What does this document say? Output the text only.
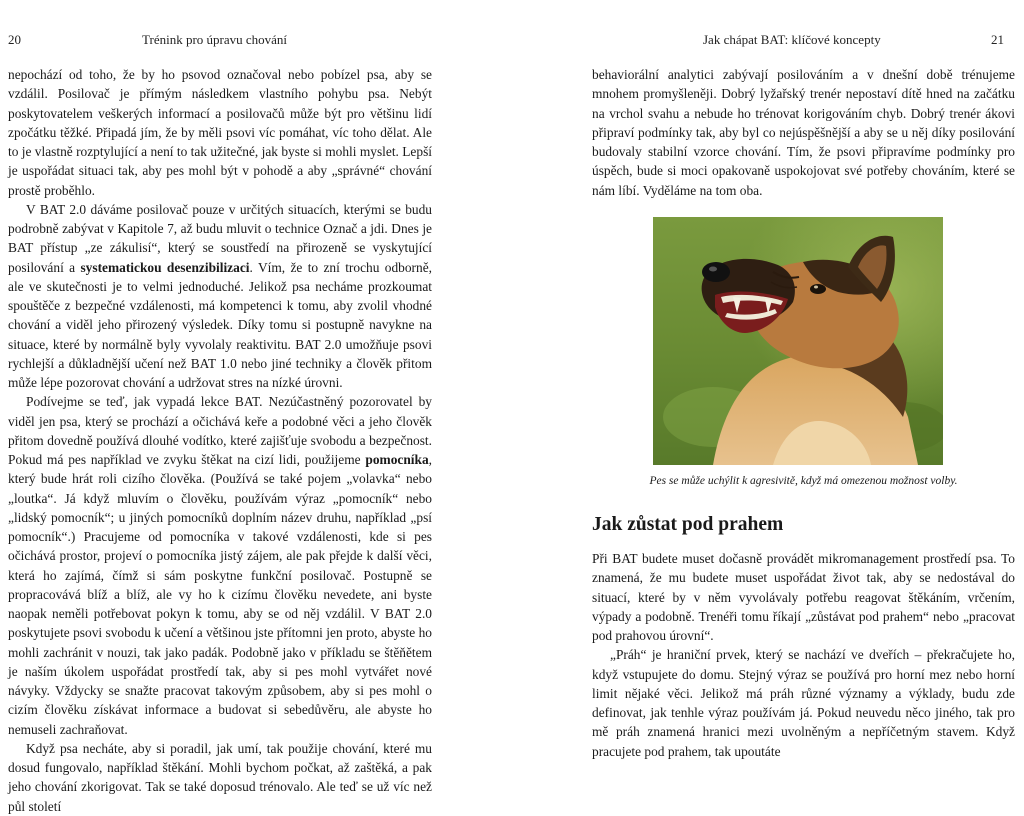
20	Trénink pro úpravu chování

nepochází od toho, že by ho psovod označoval nebo pobízel psa, aby se vzdálil. Posilovač je přímým následkem vlastního pohybu psa. Nebýt poskytovatelem veškerých informací a posilovačů může být pro většinu lidí zpočátku těžké. Připadá jím, že by měli psovi víc pomáhat, víc toho dělat. Ale to je vlastně rozptylující a není to tak užitečné, jak byste si mohli myslet. Lepší je uspořádat situaci tak, aby pes mohl být v pohodě a aby „správné“ chování prostě proběhlo.

V BAT 2.0 dáváme posilovač pouze v určitých situacích, kterými se budu podrobně zabývat v Kapitole 7, až budu mluvit o technice Označ a jdi. Dnes je BAT přístup „ze zákulisí“, který se soustředí na přirozeně se vyskytující posilování a systematickou desenzibilizaci. Vím, že to zní trochu odborně, ale ve skutečnosti je to velmi jednoduché. Jelikož psa necháme prozkoumat spouštěče z bezpečné vzdálenosti, má kompetenci k tomu, aby zvolil vhodné chování a viděl jeho přirozený výsledek. Díky tomu si postupně navykne na situace, které by normálně byly vyvolaly reaktivitu. BAT 2.0 umožňuje psovi rychlejší a důkladnější učení než BAT 1.0 nebo jiné techniky a člověk přitom může lépe pozorovat chování a udržovat stres na nízké úrovni.

Podívejme se teď, jak vypadá lekce BAT. Nezúčastněný pozorovatel by viděl jen psa, který se prochází a očichává keře a podobné věci a jeho člověk přitom dovedně používá dlouhé vodítko, které zajišťuje svobodu a bezpečnost. Pokud má pes například ve zvyku štěkat na cizí lidi, použijeme pomocníka, který bude hrát roli cizího člověka. (Používá se také pojem „volavka“ nebo „loutka“. Já když mluvím o člověku, používám výraz „pomocník“ nebo „lidský pomocník“; u jiných pomocníků doplním název druhu, například „psí pomocník“.) Pracujeme od pomocníka v takové vzdálenosti, kde si pes očichává prostor, projeví o pomocníka jistý zájem, ale pak přejde k další věci, která ho zajímá, čímž si sám poskytne funkční posilovač. Postupně se propracovává blíž a blíž, ale vy ho k cizímu člověku nevedete, ani byste naopak neměli potřebovat pokyn k tomu, aby se od něj vzdálil. V BAT 2.0 poskytujete psovi svobodu k učení a většinou jste přítomni jen proto, abyste ho mohli zachránit v nouzi, tak jako padák. Podobně jako v příkladu se štěňětem je naším úkolem uspořádat prostředí tak, aby si pes mohl vytvářet nové návyky. Vždycky se snažte pracovat takovým způsobem, aby si pes mohl o cizím člověku získávat informace a budovat si sebedůvěru, ale abyste ho nemuseli zachraňovat.

Když psa necháte, aby si poradil, jak umí, tak použije chování, které mu dosud fungovalo, například štěkání. Mohli bychom počkat, až zaštěká, a pak jeho chování zkorigovat. Tak se také doposud trénovalo. Ale teď se už víc než půl století

Jak chápat BAT: klíčové koncepty	21

behaviorální analytici zabývají posilováním a v dnešní době trénujeme mnohem promyšleněji. Dobrý lyžařský trenér nepostaví dítě hned na začátku na vrchol svahu a nebude ho trénovat korigováním chyb. Dobrý trenér ákovi připraví podmínky tak, aby byl co nejúspěšnější a aby se u něj díky posilování budovaly stabilní vzorce chování. Tím, že psovi připravíme podmínky pro úspěch, bude si moci opakovaně uspokojovat své potřeby chováním, které se nám líbí. Vyděláme na tom oba.

Pes se může uchýlit k agresivitě, když má omezenou možnost volby.
Jak zůstat pod prahem

Při BAT budete muset dočasně provádět mikromanagement prostředí psa. To znamená, že mu budete muset uspořádat život tak, aby se nedostával do situací, které by v něm vyvolávaly potřebu reagovat štěkáním, vrčením, výpady a podobně. Trenéři tomu říkají „zůstávat pod prahem“ nebo „pracovat pod prahovou úrovní“.

„Práh“ je hraniční prvek, který se nachází ve dveřích – překračujete ho, když vstupujete do domu. Stejný výraz se používá pro horní mez nebo horní limit nějaké věci. Jelikož má práh různé významy a výklady, budu zde definovat, jak tenhle výraz používám já. Pokud neuvedu něco jiného, tak pro mě práh znamená hranici mezi uvolněným a nepříčetným stavem. Když pracujete pod prahem, tak upoutáte
